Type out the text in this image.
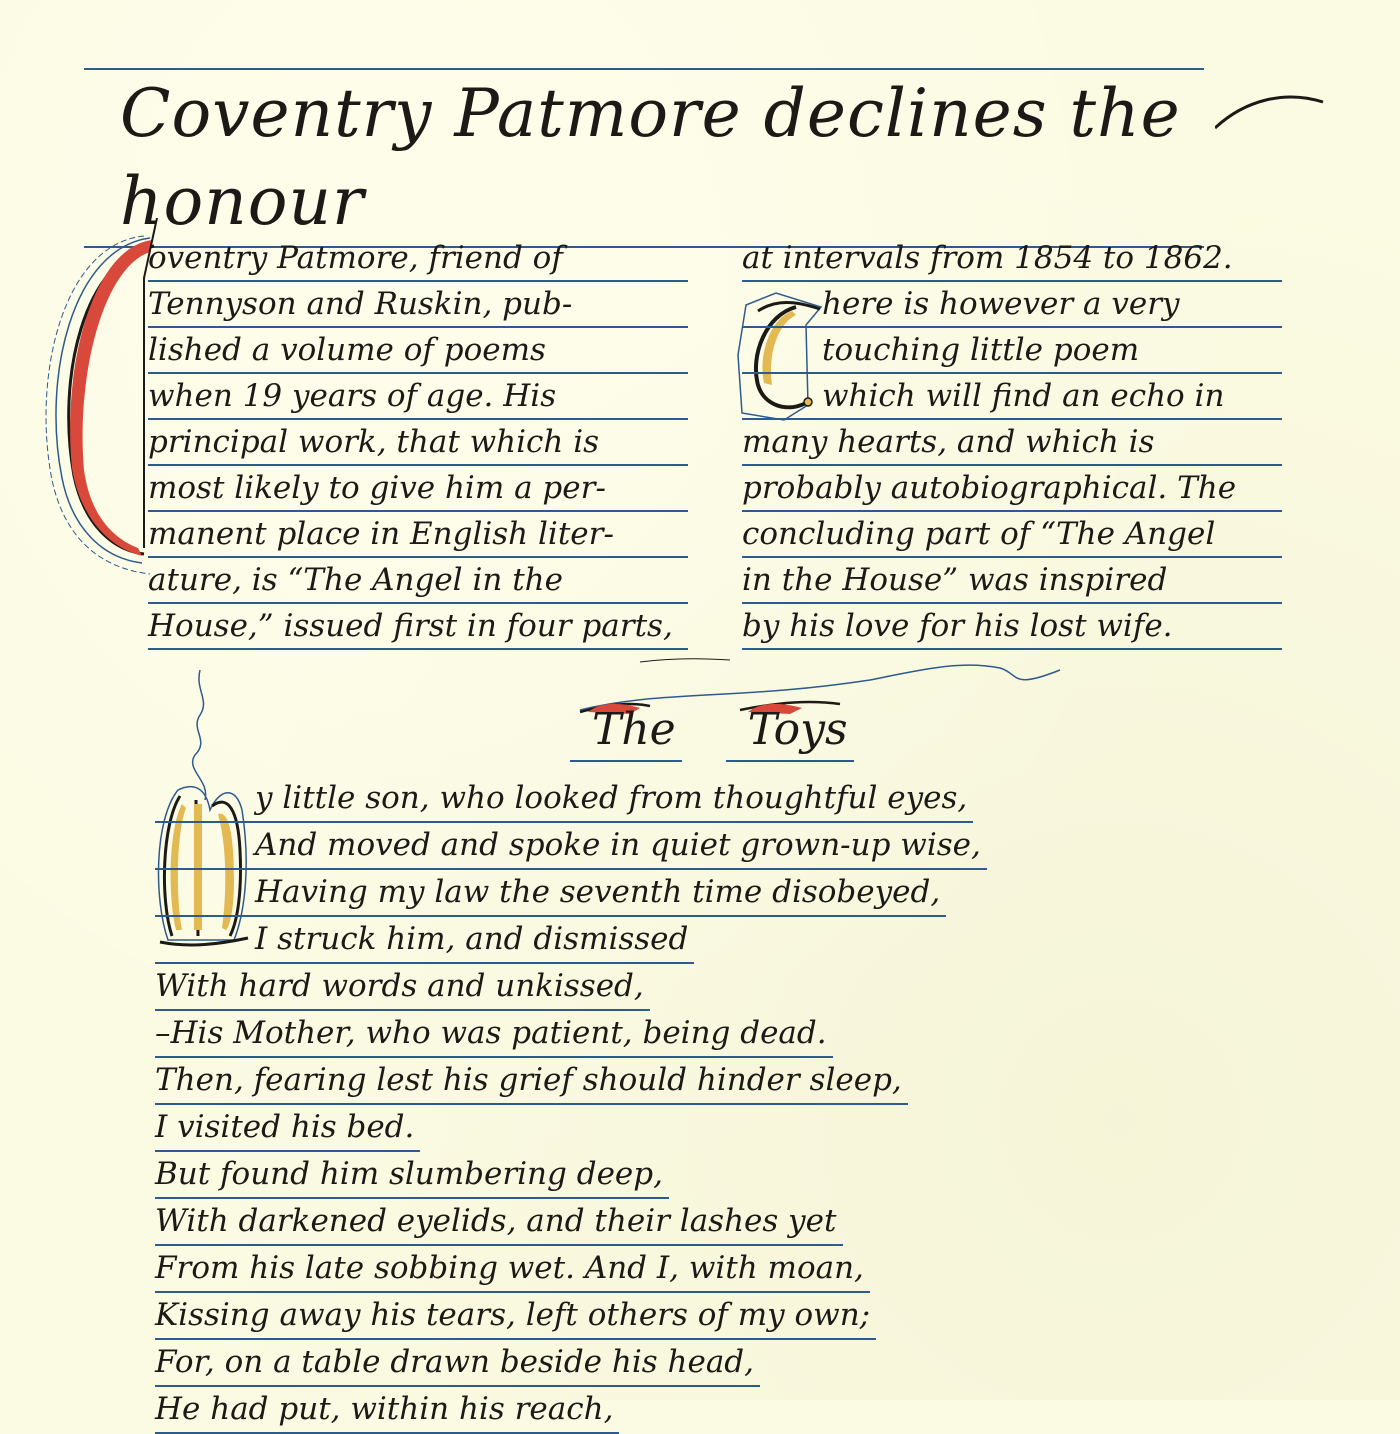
Coventry Patmore declines the honour
oventry Patmore, friend of
Tennyson and Ruskin, pub-
lished a volume of poems
when 19 years of age. His
principal work, that which is
most likely to give him a per-
manent place in English liter-
ature, is “The Angel in the
House,” issued first in four parts,
at intervals from 1854 to 1862.
here is however a very
touching little poem
which will find an echo in
many hearts, and which is
probably autobiographical. The
concluding part of “The Angel
in the House” was inspired
by his love for his lost wife.
The	Toys
y little son, who looked from thoughtful eyes,
And moved and spoke in quiet grown-up wise,
Having my law the seventh time disobeyed,
I struck him, and dismissed
With hard words and unkissed,
–His Mother, who was patient, being dead.
Then, fearing lest his grief should hinder sleep,
I visited his bed.
But found him slumbering deep,
With darkened eyelids, and their lashes yet
From his late sobbing wet. And I, with moan,
Kissing away his tears, left others of my own;
For, on a table drawn beside his head,
He had put, within his reach,
